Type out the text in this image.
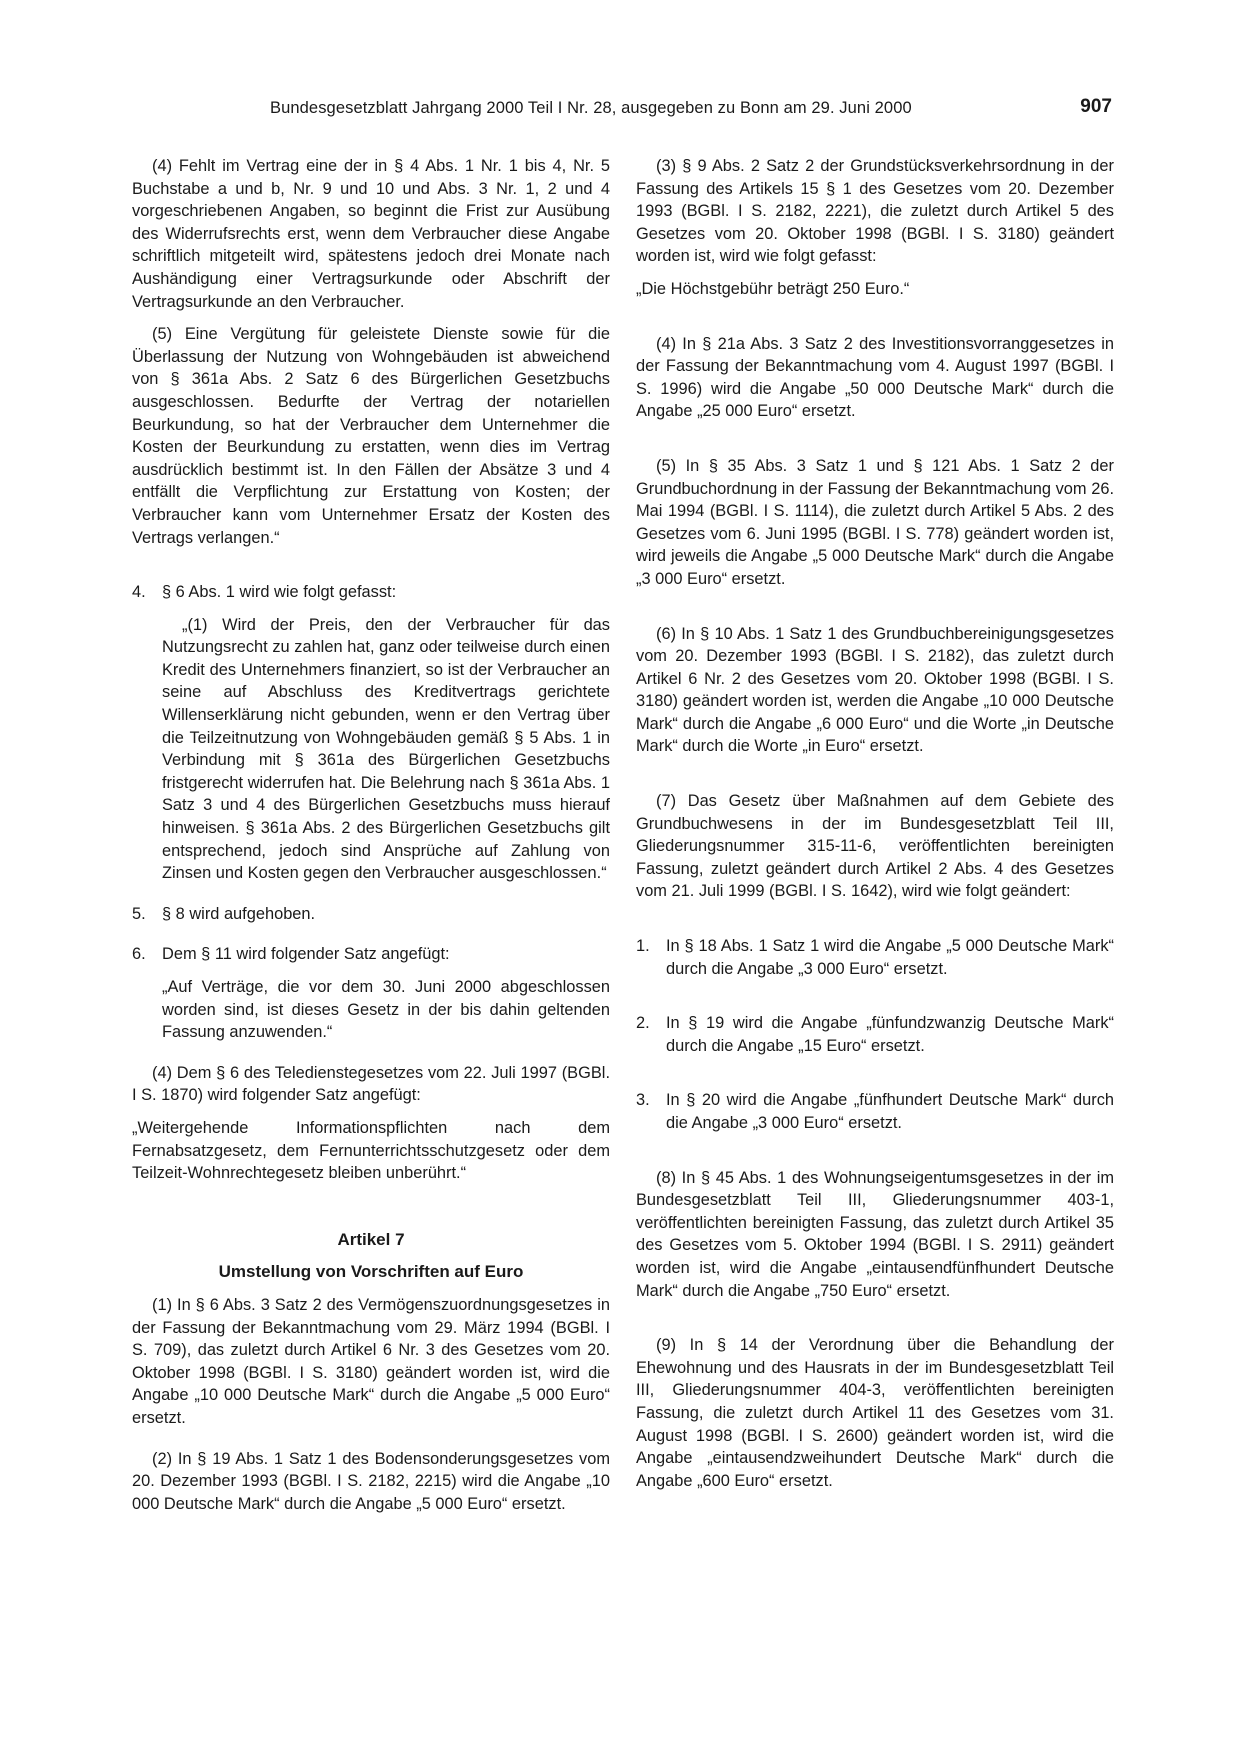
Bundesgesetzblatt Jahrgang 2000 Teil I Nr. 28, ausgegeben zu Bonn am 29. Juni 2000	907

(4) Fehlt im Vertrag eine der in § 4 Abs. 1 Nr. 1 bis 4, Nr. 5 Buchstabe a und b, Nr. 9 und 10 und Abs. 3 Nr. 1, 2 und 4 vorgeschriebenen Angaben, so beginnt die Frist zur Ausübung des Widerrufsrechts erst, wenn dem Verbraucher diese Angabe schriftlich mitgeteilt wird, spätestens jedoch drei Monate nach Aushändigung einer Vertragsurkunde oder Abschrift der Vertragsurkunde an den Verbraucher.

(5) Eine Vergütung für geleistete Dienste sowie für die Überlassung der Nutzung von Wohngebäuden ist abweichend von § 361a Abs. 2 Satz 6 des Bürgerlichen Gesetzbuchs ausgeschlossen. Bedurfte der Vertrag der notariellen Beurkundung, so hat der Verbraucher dem Unternehmer die Kosten der Beurkundung zu erstatten, wenn dies im Vertrag ausdrücklich bestimmt ist. In den Fällen der Absätze 3 und 4 entfällt die Verpflichtung zur Erstattung von Kosten; der Verbraucher kann vom Unternehmer Ersatz der Kosten des Vertrags verlangen.“

4. § 6 Abs. 1 wird wie folgt gefasst:

„(1) Wird der Preis, den der Verbraucher für das Nutzungsrecht zu zahlen hat, ganz oder teilweise durch einen Kredit des Unternehmers finanziert, so ist der Verbraucher an seine auf Abschluss des Kreditvertrags gerichtete Willenserklärung nicht gebunden, wenn er den Vertrag über die Teilzeitnutzung von Wohngebäuden gemäß § 5 Abs. 1 in Verbindung mit § 361a des Bürgerlichen Gesetzbuchs fristgerecht widerrufen hat. Die Belehrung nach § 361a Abs. 1 Satz 3 und 4 des Bürgerlichen Gesetzbuchs muss hierauf hinweisen. § 361a Abs. 2 des Bürgerlichen Gesetzbuchs gilt entsprechend, jedoch sind Ansprüche auf Zahlung von Zinsen und Kosten gegen den Verbraucher ausgeschlossen.“

5. § 8 wird aufgehoben.

6. Dem § 11 wird folgender Satz angefügt:

„Auf Verträge, die vor dem 30. Juni 2000 abgeschlossen worden sind, ist dieses Gesetz in der bis dahin geltenden Fassung anzuwenden.“

(4) Dem § 6 des Teledienstegesetzes vom 22. Juli 1997 (BGBl. I S. 1870) wird folgender Satz angefügt:

„Weitergehende Informationspflichten nach dem Fernabsatzgesetz, dem Fernunterrichtsschutzgesetz oder dem Teilzeit-Wohnrechtegesetz bleiben unberührt.“

Artikel 7

Umstellung von Vorschriften auf Euro

(1) In § 6 Abs. 3 Satz 2 des Vermögenszuordnungsgesetzes in der Fassung der Bekanntmachung vom 29. März 1994 (BGBl. I S. 709), das zuletzt durch Artikel 6 Nr. 3 des Gesetzes vom 20. Oktober 1998 (BGBl. I S. 3180) geändert worden ist, wird die Angabe „10 000 Deutsche Mark“ durch die Angabe „5 000 Euro“ ersetzt.

(2) In § 19 Abs. 1 Satz 1 des Bodensonderungsgesetzes vom 20. Dezember 1993 (BGBl. I S. 2182, 2215) wird die Angabe „10 000 Deutsche Mark“ durch die Angabe „5 000 Euro“ ersetzt.

(3) § 9 Abs. 2 Satz 2 der Grundstücksverkehrsordnung in der Fassung des Artikels 15 § 1 des Gesetzes vom 20. Dezember 1993 (BGBl. I S. 2182, 2221), die zuletzt durch Artikel 5 des Gesetzes vom 20. Oktober 1998 (BGBl. I S. 3180) geändert worden ist, wird wie folgt gefasst:

„Die Höchstgebühr beträgt 250 Euro.“

(4) In § 21a Abs. 3 Satz 2 des Investitionsvorranggesetzes in der Fassung der Bekanntmachung vom 4. August 1997 (BGBl. I S. 1996) wird die Angabe „50 000 Deutsche Mark“ durch die Angabe „25 000 Euro“ ersetzt.

(5) In § 35 Abs. 3 Satz 1 und § 121 Abs. 1 Satz 2 der Grundbuchordnung in der Fassung der Bekanntmachung vom 26. Mai 1994 (BGBl. I S. 1114), die zuletzt durch Artikel 5 Abs. 2 des Gesetzes vom 6. Juni 1995 (BGBl. I S. 778) geändert worden ist, wird jeweils die Angabe „5 000 Deutsche Mark“ durch die Angabe „3 000 Euro“ ersetzt.

(6) In § 10 Abs. 1 Satz 1 des Grundbuchbereinigungsgesetzes vom 20. Dezember 1993 (BGBl. I S. 2182), das zuletzt durch Artikel 6 Nr. 2 des Gesetzes vom 20. Oktober 1998 (BGBl. I S. 3180) geändert worden ist, werden die Angabe „10 000 Deutsche Mark“ durch die Angabe „6 000 Euro“ und die Worte „in Deutsche Mark“ durch die Worte „in Euro“ ersetzt.

(7) Das Gesetz über Maßnahmen auf dem Gebiete des Grundbuchwesens in der im Bundesgesetzblatt Teil III, Gliederungsnummer 315-11-6, veröffentlichten bereinigten Fassung, zuletzt geändert durch Artikel 2 Abs. 4 des Gesetzes vom 21. Juli 1999 (BGBl. I S. 1642), wird wie folgt geändert:

1. In § 18 Abs. 1 Satz 1 wird die Angabe „5 000 Deutsche Mark“ durch die Angabe „3 000 Euro“ ersetzt.

2. In § 19 wird die Angabe „fünfundzwanzig Deutsche Mark“ durch die Angabe „15 Euro“ ersetzt.

3. In § 20 wird die Angabe „fünfhundert Deutsche Mark“ durch die Angabe „3 000 Euro“ ersetzt.

(8) In § 45 Abs. 1 des Wohnungseigentumsgesetzes in der im Bundesgesetzblatt Teil III, Gliederungsnummer 403-1, veröffentlichten bereinigten Fassung, das zuletzt durch Artikel 35 des Gesetzes vom 5. Oktober 1994 (BGBl. I S. 2911) geändert worden ist, wird die Angabe „eintausendfünfhundert Deutsche Mark“ durch die Angabe „750 Euro“ ersetzt.

(9) In § 14 der Verordnung über die Behandlung der Ehewohnung und des Hausrats in der im Bundesgesetzblatt Teil III, Gliederungsnummer 404-3, veröffentlichten bereinigten Fassung, die zuletzt durch Artikel 11 des Gesetzes vom 31. August 1998 (BGBl. I S. 2600) geändert worden ist, wird die Angabe „eintausendzweihundert Deutsche Mark“ durch die Angabe „600 Euro“ ersetzt.
